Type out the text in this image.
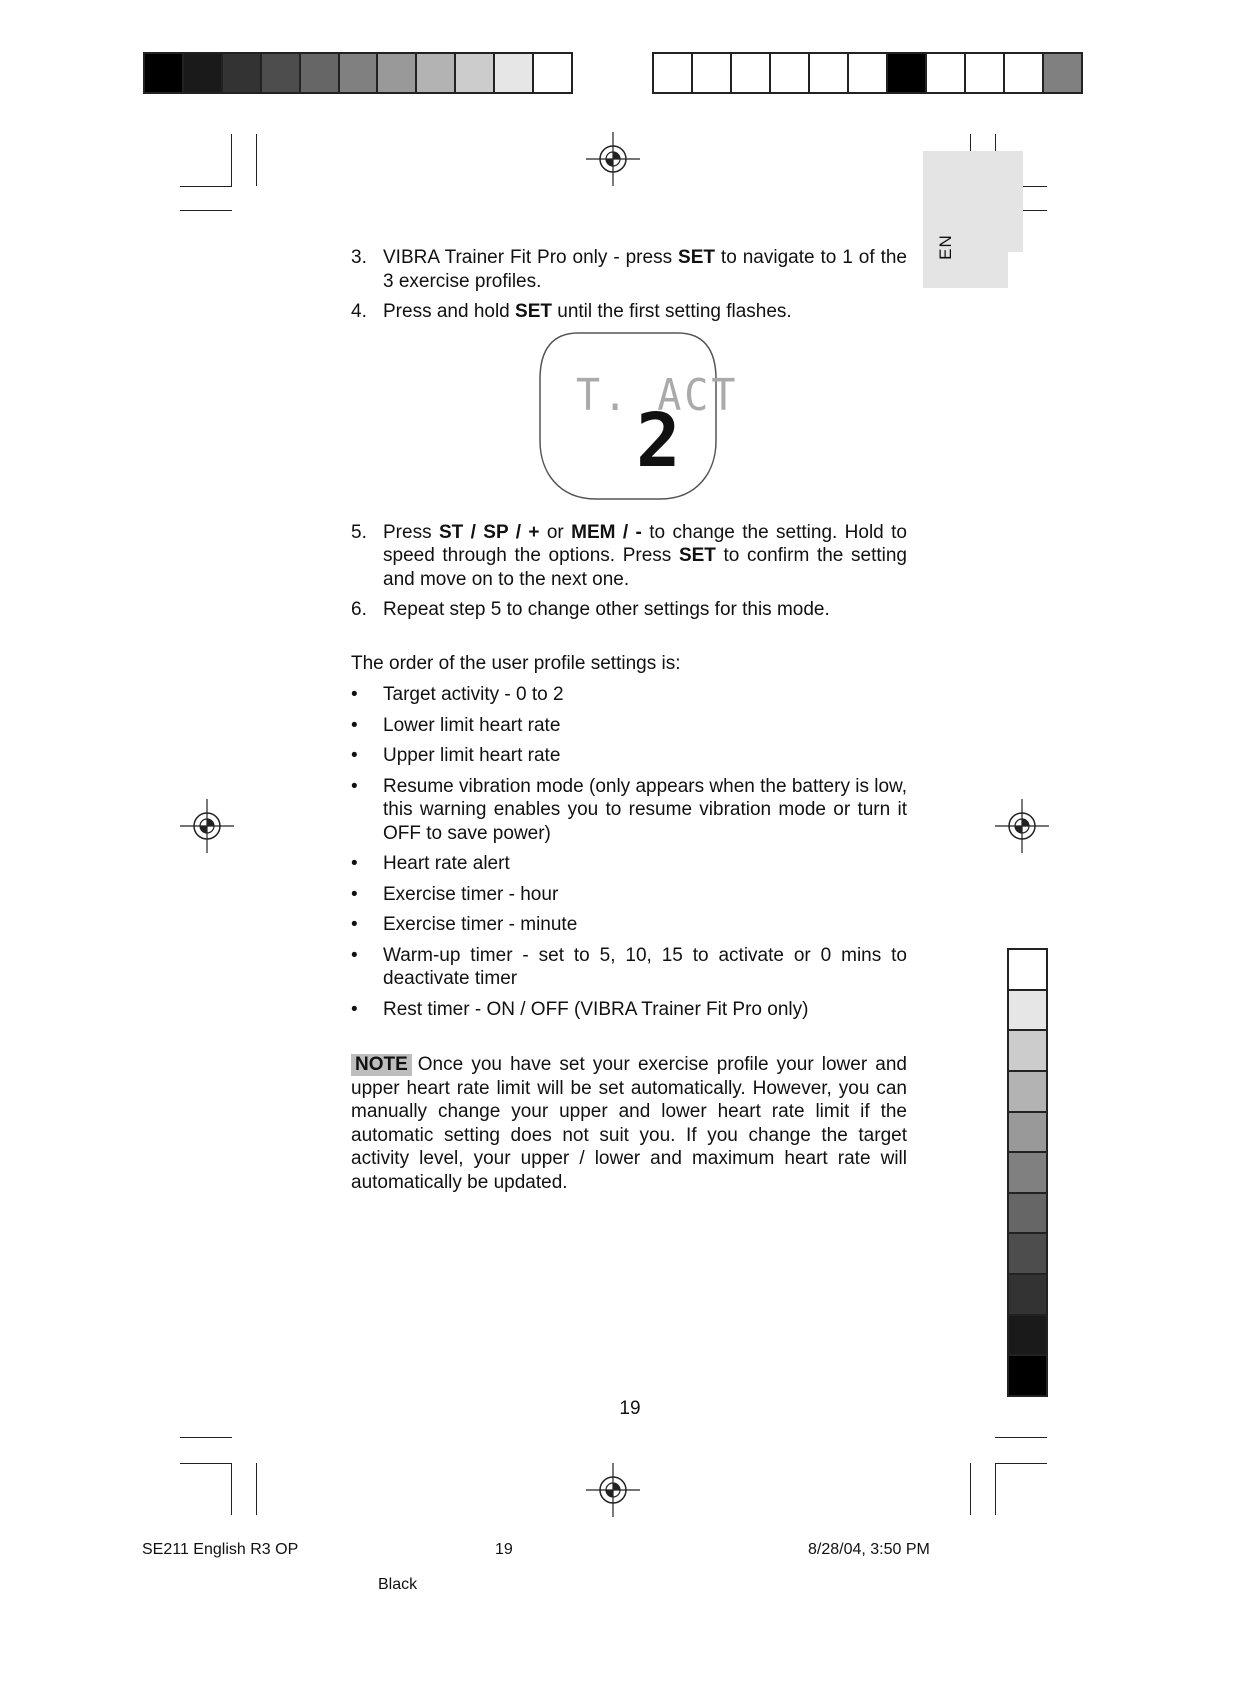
EN
3. VIBRA Trainer Fit Pro only - press SET to navigate to 1 of the 3 exercise profiles.
4. Press and hold SET until the first setting flashes.
T. ACT
2
5. Press ST / SP / + or MEM / - to change the setting. Hold to speed through the options. Press SET to confirm the setting and move on to the next one.
6. Repeat step 5 to change other settings for this mode.
The order of the user profile settings is:
•	Target activity - 0 to 2
•	Lower limit heart rate
•	Upper limit heart rate
•	Resume vibration mode (only appears when the battery is low, this warning enables you to resume vibration mode or turn it OFF to save power)
•	Heart rate alert
•	Exercise timer - hour
•	Exercise timer - minute
•	Warm-up timer - set to 5, 10, 15 to activate or 0 mins to deactivate timer
•	Rest timer - ON / OFF (VIBRA Trainer Fit Pro only)
NOTE Once you have set your exercise profile your lower and upper heart rate limit will be set automatically. However, you can manually change your upper and lower heart rate limit if the automatic setting does not suit you. If you change the target activity level, your upper / lower and maximum heart rate will automatically be updated.
19
SE211 English R3 OP	19	8/28/04, 3:50 PM
Black
